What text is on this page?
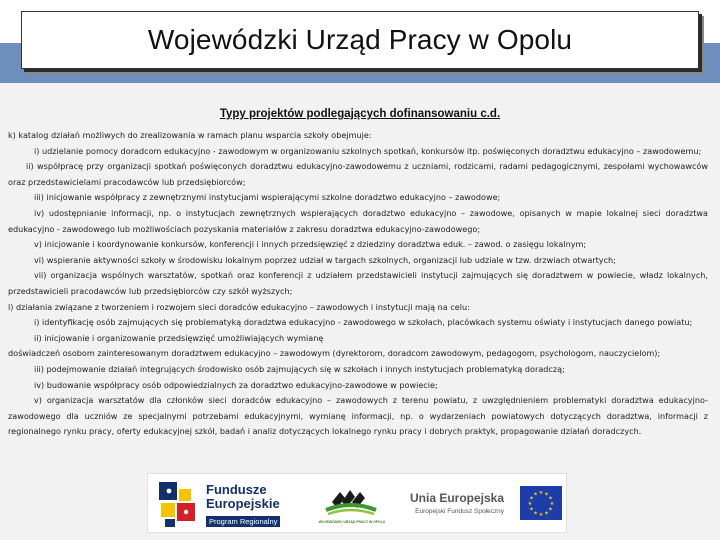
Wojewódzki Urząd Pracy w Opolu
Typy projektów podlegających dofinansowaniu c.d.

k) katalog działań możliwych do zrealizowania w ramach planu wsparcia szkoły obejmuje:

i) udzielanie pomocy doradcom edukacyjno - zawodowym w organizowaniu szkolnych spotkań, konkursów itp. poświęconych doradztwu edukacyjno – zawodowemu;

ii) współpracę przy organizacji spotkań poświęconych doradztwu edukacyjno-zawodowemu z uczniami, rodzicami, radami pedagogicznymi, zespołami wychowawców oraz przedstawicielami pracodawców lub przedsiębiorców;

iii) inicjowanie współpracy z zewnętrznymi instytucjami wspierającymi szkolne doradztwo edukacyjno – zawodowe;

iv) udostępnianie informacji, np. o instytucjach zewnętrznych wspierających doradztwo edukacyjno – zawodowe, opisanych w mapie lokalnej sieci doradztwa edukacyjno - zawodowego lub możliwościach pozyskania materiałów z zakresu doradztwa edukacyjno-zawodowego;

v) inicjowanie i koordynowanie konkursów, konferencji i innych przedsięwzięć z dziedziny doradztwa eduk. – zawod. o zasięgu lokalnym;

vi) wspieranie aktywności szkoły w środowisku lokalnym poprzez udział w targach szkolnych, organizacji lub udziale w tzw. drzwiach otwartych;

vii) organizacja wspólnych warsztatów, spotkań oraz konferencji z udziałem przedstawicieli instytucji zajmujących się doradztwem w powiecie, władz lokalnych, przedstawicieli pracodawców lub przedsiębiorców czy szkół wyższych;

l) działania związane z tworzeniem i rozwojem sieci doradców edukacyjno – zawodowych i instytucji mają na celu:

i) identyfikację osób zajmujących się problematyką doradztwa edukacyjno - zawodowego w szkołach, placówkach systemu oświaty i instytucjach danego powiatu;

ii) inicjowanie i organizowanie przedsięwzięć umożliwiających wymianę

doświadczeń osobom zainteresowanym doradztwem edukacyjno – zawodowym (dyrektorom, doradcom zawodowym, pedagogom, psychologom, nauczycielom);

iii) podejmowanie działań integrujących środowisko osób zajmujących się w szkołach i innych instytucjach problematyką doradczą;

iv) budowanie współpracy osób odpowiedzialnych za doradztwo edukacyjno-zawodowe w powiecie;

v) organizacja warsztatów dla członków sieci doradców edukacyjno – zawodowych z terenu powiatu, z uwzględnieniem problematyki doradztwa edukacyjno-zawodowego dla uczniów ze specjalnymi potrzebami edukacyjnymi, wymianę informacji, np. o wydarzeniach powiatowych dotyczących doradztwa, informacji z regionalnego rynku pracy, oferty edukacyjnej szkół, badań i analiz dotyczących lokalnego rynku pracy i dobrych praktyk, propagowanie działań doradczych.

Fundusze
Europejskie
Program Regionalny	WOJEWÓDZKI URZĄD PRACY W OPOLU
Unia Europejska
Europejski Fundusz Społeczny
★ ★
★
★
★
★
★
★
★
★
★
★
